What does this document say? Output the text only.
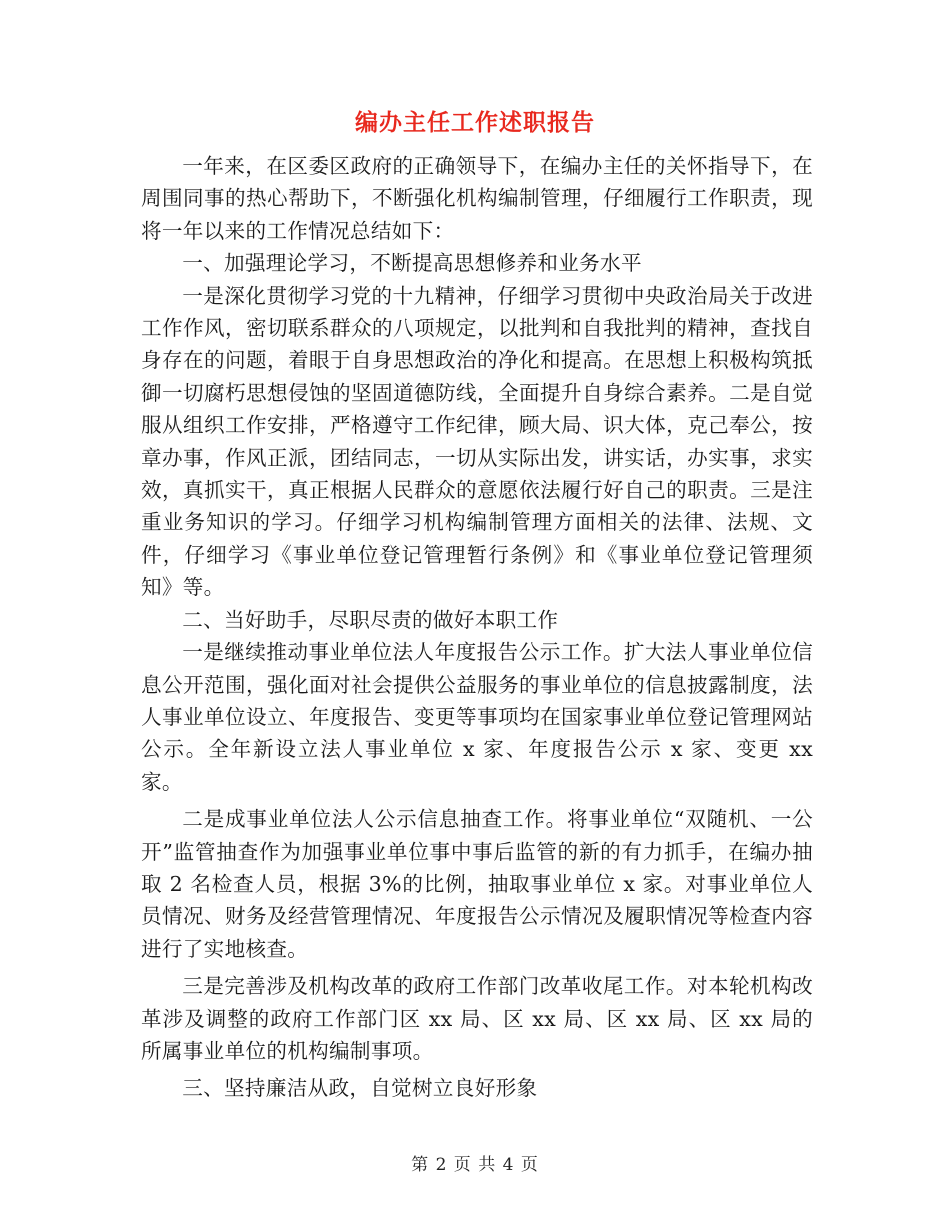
编办主任工作述职报告

一年来，在区委区政府的正确领导下，在编办主任的关怀指导下，在周围同事的热心帮助下，不断强化机构编制管理，仔细履行工作职责，现将一年以来的工作情况总结如下：

一、加强理论学习，不断提高思想修养和业务水平

一是深化贯彻学习党的十九精神，仔细学习贯彻中央政治局关于改进工作作风，密切联系群众的八项规定，以批判和自我批判的精神，查找自身存在的问题，着眼于自身思想政治的净化和提高。在思想上积极构筑抵御一切腐朽思想侵蚀的坚固道德防线，全面提升自身综合素养。二是自觉服从组织工作安排，严格遵守工作纪律，顾大局、识大体，克己奉公，按章办事，作风正派，团结同志，一切从实际出发，讲实话，办实事，求实效，真抓实干，真正根据人民群众的意愿依法履行好自己的职责。三是注重业务知识的学习。仔细学习机构编制管理方面相关的法律、法规、文件，仔细学习《事业单位登记管理暂行条例》和《事业单位登记管理须知》等。

二、当好助手，尽职尽责的做好本职工作

一是继续推动事业单位法人年度报告公示工作。扩大法人事业单位信息公开范围，强化面对社会提供公益服务的事业单位的信息披露制度，法人事业单位设立、年度报告、变更等事项均在国家事业单位登记管理网站公示。全年新设立法人事业单位 x 家、年度报告公示 x 家、变更 xx 家。

二是成事业单位法人公示信息抽查工作。将事业单位“双随机、一公开”监管抽查作为加强事业单位事中事后监管的新的有力抓手，在编办抽取 2 名检查人员，根据 3%的比例，抽取事业单位 x 家。对事业单位人员情况、财务及经营管理情况、年度报告公示情况及履职情况等检查内容进行了实地核查。

三是完善涉及机构改革的政府工作部门改革收尾工作。对本轮机构改革涉及调整的政府工作部门区 xx 局、区 xx 局、区 xx 局、区 xx 局的所属事业单位的机构编制事项。

三、坚持廉洁从政，自觉树立良好形象

第 2 页 共 4 页
